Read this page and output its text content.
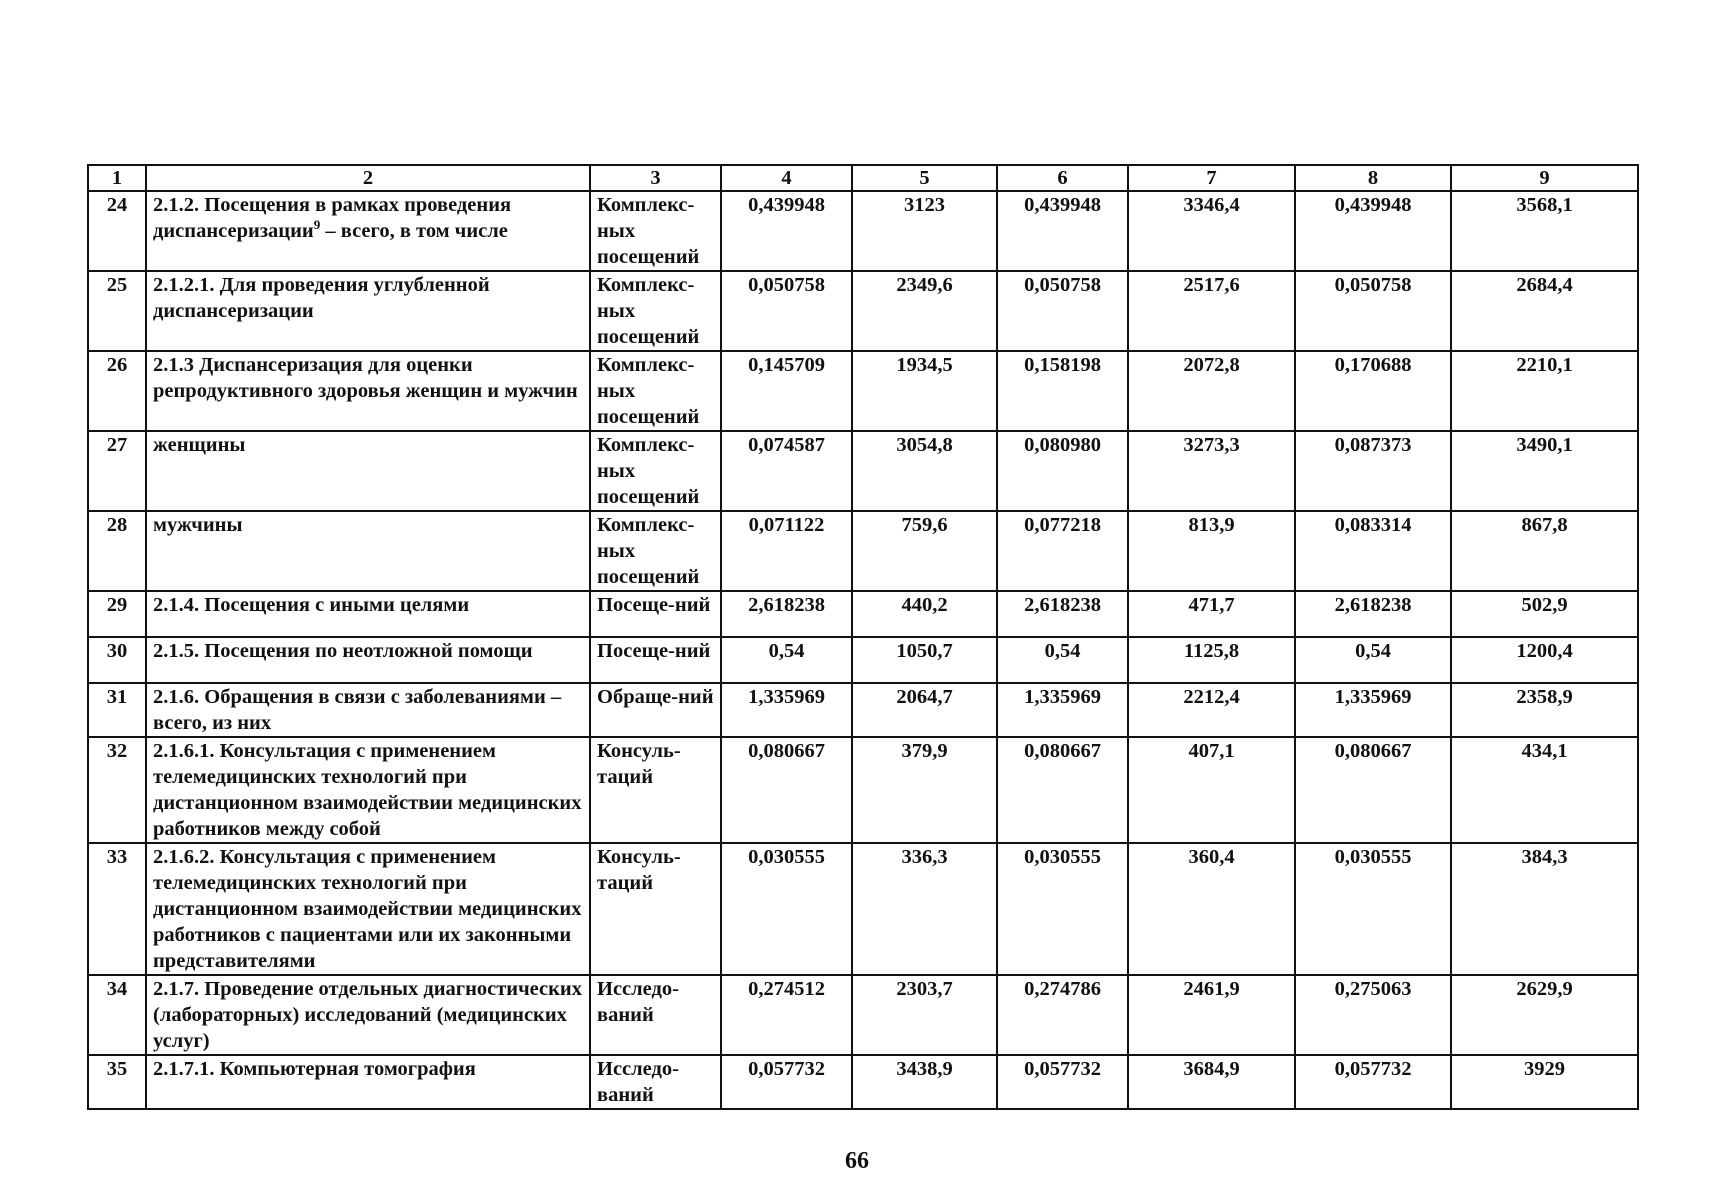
1	2	3	4	5	6	7	8	9
24	2.1.2. Посещения в рамках проведения диспансеризации$^9$ – всего, в том числе	Комплекс-ных посещений	0,439948	3123	0,439948	3346,4	0,439948	3568,1
25	2.1.2.1. Для проведения углубленной диспансеризации	Комплекс-ных посещений	0,050758	2349,6	0,050758	2517,6	0,050758	2684,4
26	2.1.3 Диспансеризация для оценки репродуктивного здоровья женщин и мужчин	Комплекс-ных посещений	0,145709	1934,5	0,158198	2072,8	0,170688	2210,1
27	женщины	Комплекс-ных посещений	0,074587	3054,8	0,080980	3273,3	0,087373	3490,1
28	мужчины	Комплекс-ных посещений	0,071122	759,6	0,077218	813,9	0,083314	867,8
29	2.1.4. Посещения с иными целями	Посеще-ний	2,618238	440,2	2,618238	471,7	2,618238	502,9
30	2.1.5. Посещения по неотложной помощи	Посеще-ний	0,54	1050,7	0,54	1125,8	0,54	1200,4
31	2.1.6. Обращения в связи с заболеваниями – всего, из них	Обраще-ний	1,335969	2064,7	1,335969	2212,4	1,335969	2358,9
32	2.1.6.1. Консультация с применением телемедицинских технологий при дистанционном взаимодействии медицинских работников между собой	Консуль-таций	0,080667	379,9	0,080667	407,1	0,080667	434,1
33	2.1.6.2. Консультация с применением телемедицинских технологий при дистанционном взаимодействии медицинских работников с пациентами или их законными представителями	Консуль-таций	0,030555	336,3	0,030555	360,4	0,030555	384,3
34	2.1.7. Проведение отдельных диагностических (лабораторных) исследований (медицинских услуг)	Исследо-ваний	0,274512	2303,7	0,274786	2461,9	0,275063	2629,9
35	2.1.7.1. Компьютерная томография	Исследо-ваний	0,057732	3438,9	0,057732	3684,9	0,057732	3929
66
